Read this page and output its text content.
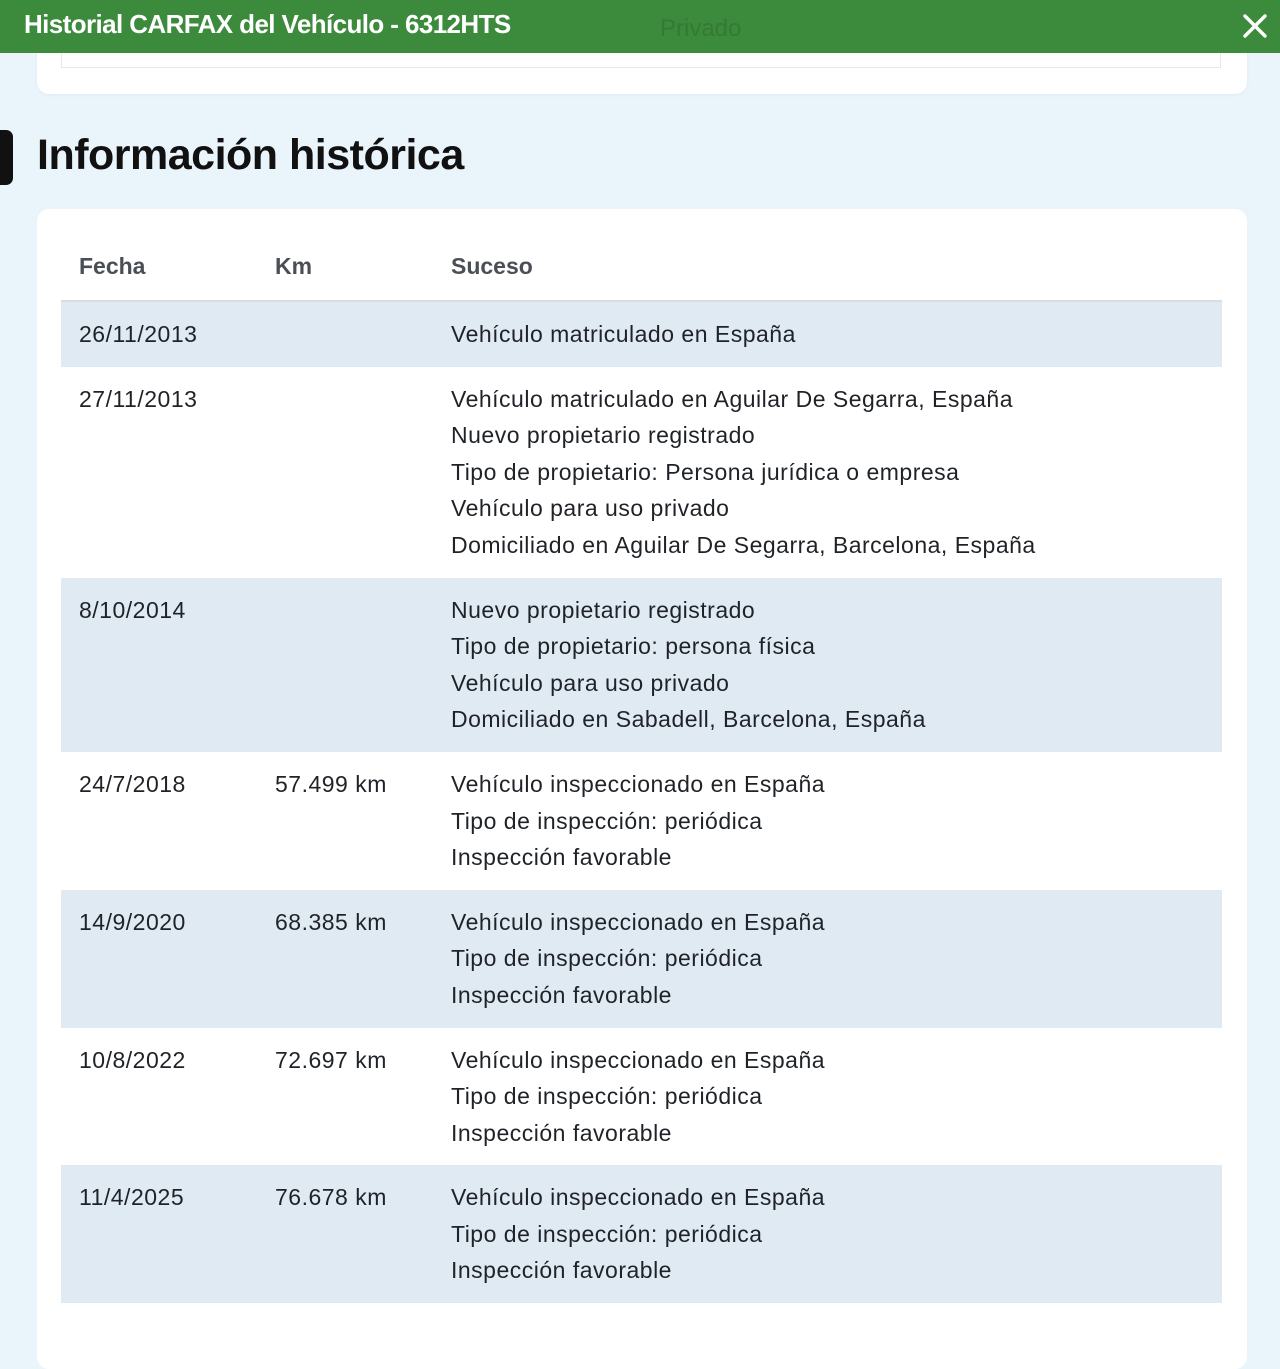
Historial CARFAX del Vehículo - 6312HTS	Privado
Información histórica
Fecha	Km	Suceso
26/11/2013		Vehículo matriculado en España

27/11/2013		Vehículo matriculado en Aguilar De Segarra, España
Nuevo propietario registrado
Tipo de propietario: Persona jurídica o empresa
Vehículo para uso privado
Domiciliado en Aguilar De Segarra, Barcelona, España

8/10/2014		Nuevo propietario registrado
Tipo de propietario: persona física
Vehículo para uso privado
Domiciliado en Sabadell, Barcelona, España

24/7/2018	57.499 km	Vehículo inspeccionado en España
Tipo de inspección: periódica
Inspección favorable

14/9/2020	68.385 km	Vehículo inspeccionado en España
Tipo de inspección: periódica
Inspección favorable

10/8/2022	72.697 km	Vehículo inspeccionado en España
Tipo de inspección: periódica
Inspección favorable

11/4/2025	76.678 km	Vehículo inspeccionado en España
Tipo de inspección: periódica
Inspección favorable
